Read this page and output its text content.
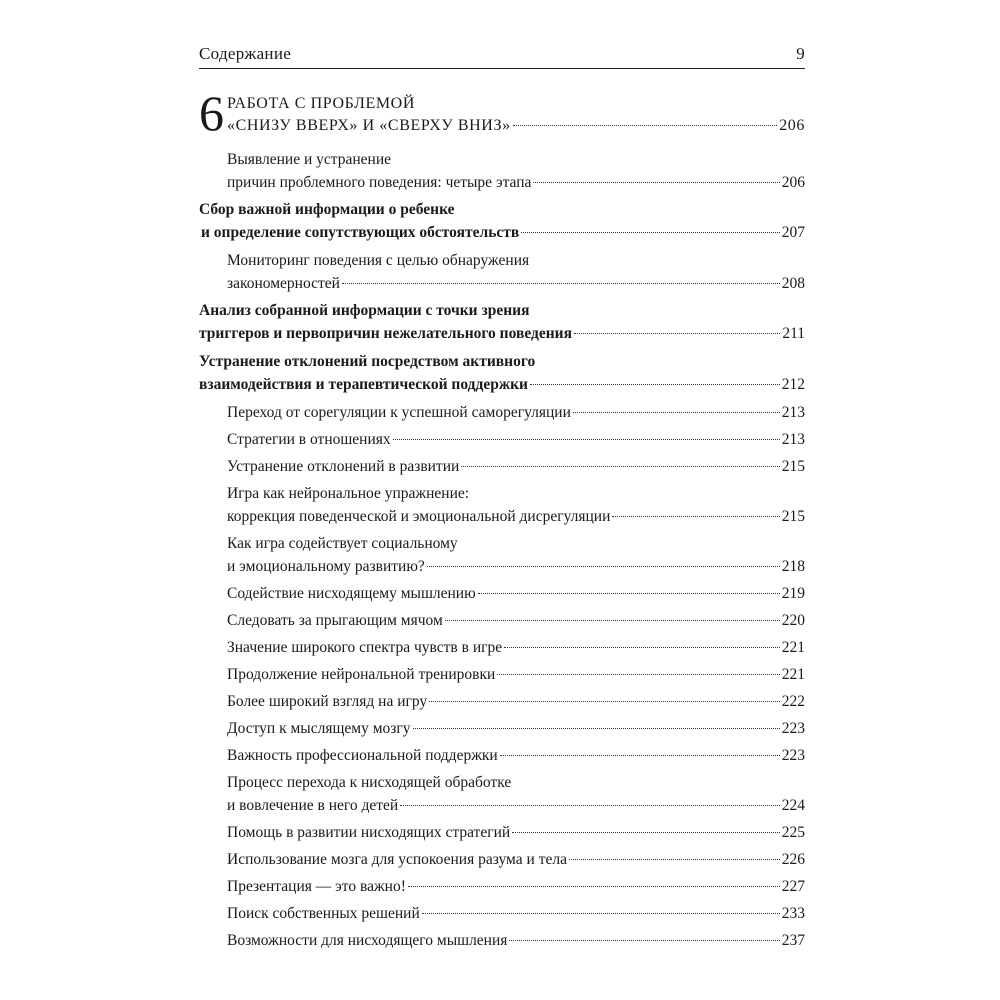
Содержание	9
6 РАБОТА С ПРОБЛЕМОЙ
«СНИЗУ ВВЕРХ» И «СВЕРХУ ВНИЗ»	206
Выявление и устранение
причин проблемного поведения: четыре этапа	206
Сбор важной информации о ребенке
и определение сопутствующих обстоятельств	207
Мониторинг поведения с целью обнаружения
закономерностей	208
Анализ собранной информации с точки зрения
триггеров и первопричин нежелательного поведения	211
Устранение отклонений посредством активного
взаимодействия и терапевтической поддержки	212
Переход от сорегуляции к успешной саморегуляции	213
Стратегии в отношениях	213
Устранение отклонений в развитии	215
Игра как нейрональное упражнение:
коррекция поведенческой и эмоциональной дисрегуляции	215
Как игра содействует социальному
и эмоциональному развитию?	218
Содействие нисходящему мышлению	219
Следовать за прыгающим мячом	220
Значение широкого спектра чувств в игре	221
Продолжение нейрональной тренировки	221
Более широкий взгляд на игру	222
Доступ к мыслящему мозгу	223
Важность профессиональной поддержки	223
Процесс перехода к нисходящей обработке
и вовлечение в него детей	224
Помощь в развитии нисходящих стратегий	225
Использование мозга для успокоения разума и тела	226
Презентация — это важно!	227
Поиск собственных решений	233
Возможности для нисходящего мышления	237
